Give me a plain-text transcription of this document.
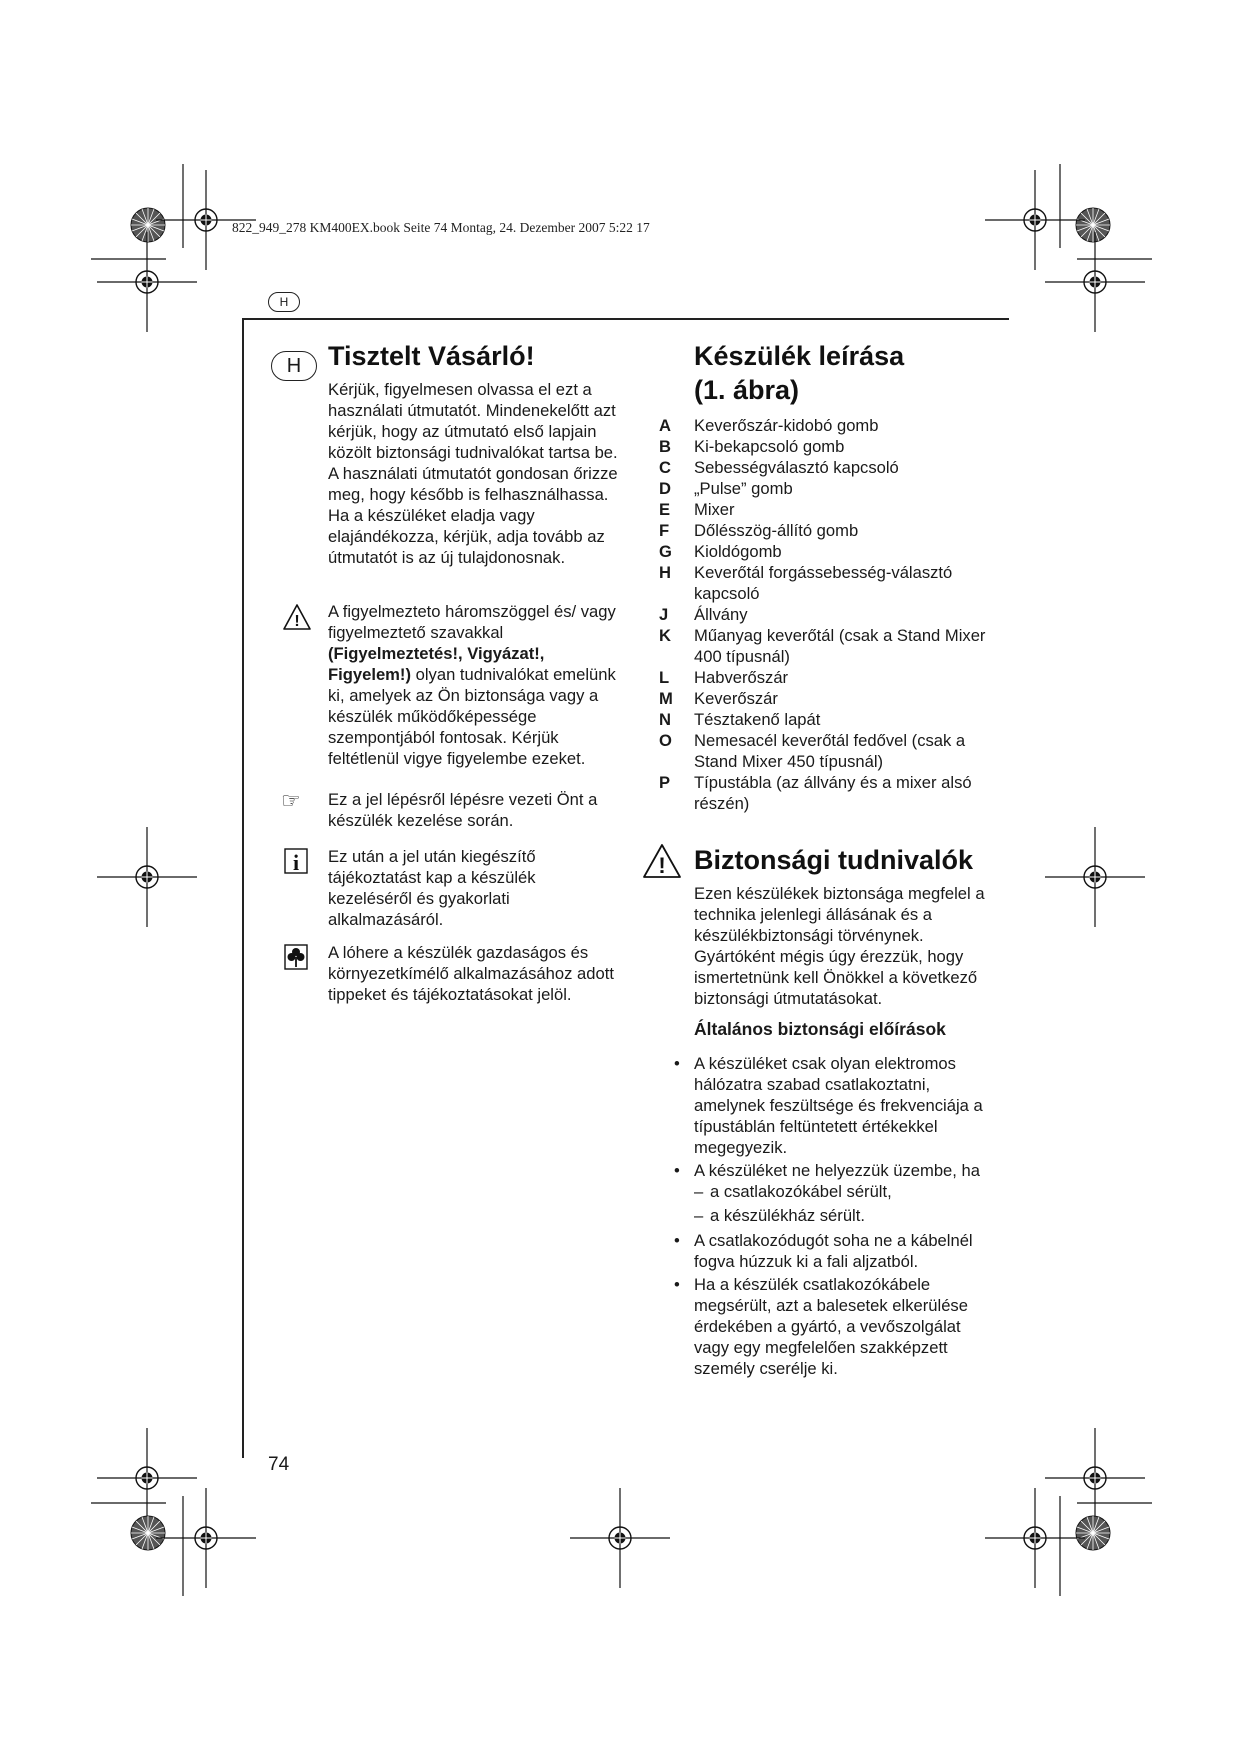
822_949_278 KM400EX.book Seite 74 Montag, 24. Dezember 2007 5:22 17
H
H Tisztelt Vásárló!

Kérjük, figyelmesen olvassa el ezt a használati útmutatót. Mindenekelőtt azt kérjük, hogy az útmutató első lapjain közölt biztonsági tudnivalókat tartsa be. A használati útmutatót gondosan őrizze meg, hogy később is felhasználhassa. Ha a készüléket eladja vagy elajándékozza, kérjük, adja tovább az útmutatót is az új tulajdonosnak.

!

A figyelmezteto háromszöggel és/ vagy figyelmeztető szavakkal (Figyelmeztetés!, Vigyázat!, Figyelem!) olyan tudnivalókat emelünk ki, amelyek az Ön biztonsága vagy a készülék működőképessége szempontjából fontosak. Kérjük feltétlenül vigye figyelembe ezeket.

☞ Ez a jel lépésről lépésre vezeti Önt a készülék kezelése során.

i Ez után a jel után kiegészítő tájékoztatást kap a készülék kezeléséről és gyakorlati alkalmazásáról.

A lóhere a készülék gazdaságos és környezetkímélő alkalmazásához adott tippeket és tájékoztatásokat jelöl.

Készülék leírása
(1. ábra)
A	Keverőszár-kidobó gomb
B	Ki-bekapcsoló gomb
C	Sebességválasztó kapcsoló
D	„Pulse” gomb
E	Mixer
F	Dőlésszög-állító gomb
G	Kioldógomb
H	Keverőtál forgássebesség-választó kapcsoló
J	Állvány
K	Műanyag keverőtál (csak a Stand Mixer 400 típusnál)
L	Habverőszár
M	Keverőszár
N	Tésztakenő lapát
O	Nemesacél keverőtál fedővel (csak a Stand Mixer 450 típusnál)
P	Típustábla (az állvány és a mixer alsó részén)
! Biztonsági tudnivalók

Ezen készülékek biztonsága megfelel a technika jelenlegi állásának és a készülékbiztonsági törvénynek. Gyártóként mégis úgy érezzük, hogy ismertetnünk kell Önökkel a következő biztonsági útmutatásokat.

Általános biztonsági előírások

• A készüléket csak olyan elektromos hálózatra szabad csatlakoztatni, amelynek feszültsége és frekvenciája a típustáblán feltüntetett értékekkel megegyezik.
• A készüléket ne helyezzük üzembe, ha
– a csatlakozókábel sérült,
– a készülékház sérült.
• A csatlakozódugót soha ne a kábelnél fogva húzzuk ki a fali aljzatból.
• Ha a készülék csatlakozókábele megsérült, azt a balesetek elkerülése érdekében a gyártó, a vevőszolgálat vagy egy megfelelően szakképzett személy cserélje ki.
74
